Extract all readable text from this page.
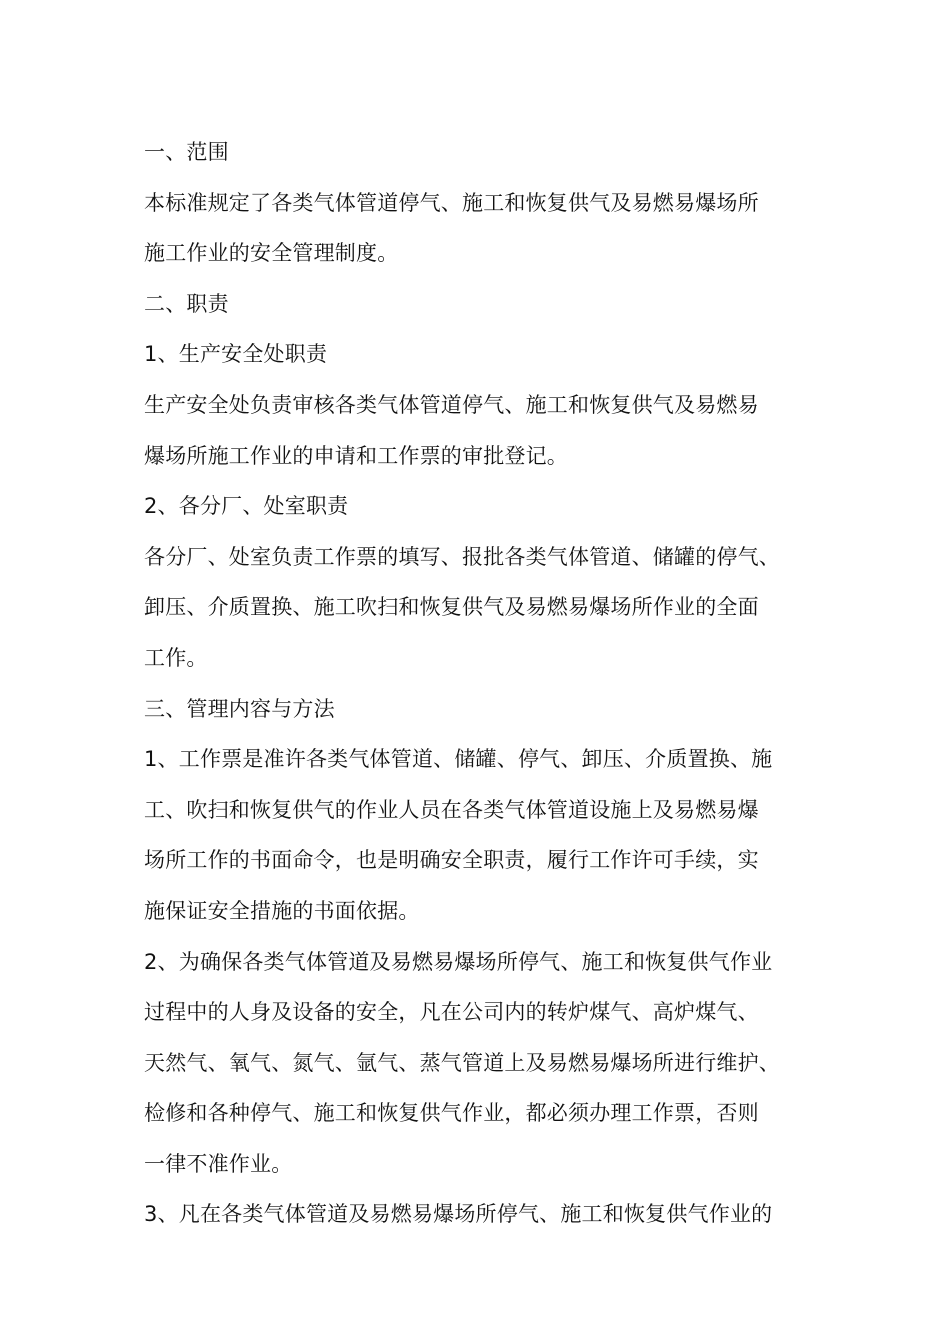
一、范围
本标准规定了各类气体管道停气、施工和恢复供气及易燃易爆场所
施工作业的安全管理制度。
二、职责
1、生产安全处职责
生产安全处负责审核各类气体管道停气、施工和恢复供气及易燃易
爆场所施工作业的申请和工作票的审批登记。
2、各分厂、处室职责
各分厂、处室负责工作票的填写、报批各类气体管道、储罐的停气、
卸压、介质置换、施工吹扫和恢复供气及易燃易爆场所作业的全面
工作。
三、管理内容与方法
1、工作票是准许各类气体管道、储罐、停气、卸压、介质置换、施
工、吹扫和恢复供气的作业人员在各类气体管道设施上及易燃易爆
场所工作的书面命令，也是明确安全职责，履行工作许可手续，实
施保证安全措施的书面依据。
2、为确保各类气体管道及易燃易爆场所停气、施工和恢复供气作业
过程中的人身及设备的安全，凡在公司内的转炉煤气、高炉煤气、
天然气、氧气、氮气、氩气、蒸气管道上及易燃易爆场所进行维护、
检修和各种停气、施工和恢复供气作业，都必须办理工作票，否则
一律不准作业。
3、凡在各类气体管道及易燃易爆场所停气、施工和恢复供气作业的
